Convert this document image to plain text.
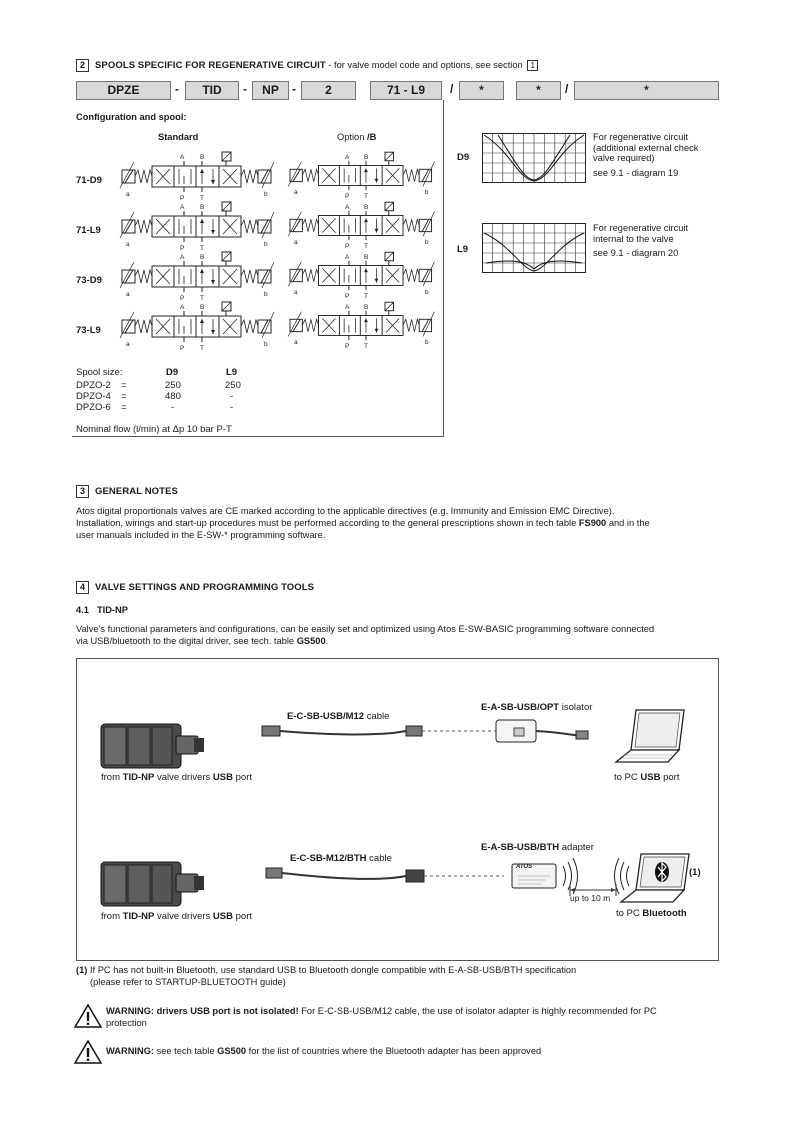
2 SPOOLS SPECIFIC FOR REGENERATIVE CIRCUIT - for valve model code and options, see section 1
DPZE	-	TID	-	NP	-	2	71 - L9	/	*	*	/	*
Configuration and spool:
Standard	Option /B
71-D9
71-L9
73-D9
73-L9
A B
P T
a	b
A B
P T
a	b
A B
P T
a	b
A B
P T
a	b
A B
P T
a	b
A B
P T
a	b
A B
P T
a	b
A B
P T
a	b
Spool size:	D9	L9
DPZO-2 =	250	250
DPZO-4 =	480	-
DPZO-6 =	-	-
Nominal flow (l/min) at Δp 10 bar P-T
D9
For regenerative circuit
(additional external check
valve required)
see 9.1 - diagram 19
L9
For regenerative circuit
internal to the valve
see 9.1 - diagram 20
3 GENERAL NOTES
Atos digital proportionals valves are CE marked according to the applicable directives (e.g. Immunity and Emission EMC Directive).
Installation, wirings and start-up procedures must be performed according to the general prescriptions shown in tech table FS900 and in the
user manuals included in the E-SW-* programming software.
4 VALVE SETTINGS AND PROGRAMMING TOOLS
4.1 TID-NP
Valve's functional parameters and configurations, can be easily set and optimized using Atos E-SW-BASIC programming software connected
via USB/bluetooth to the digital driver, see tech. table GS500.
E-C-SB-USB/M12 cable
E-A-SB-USB/OPT isolator
from TID-NP valve drivers USB port	to PC USB port
E-C-SB-M12/BTH cable
E-A-SB-USB/BTH adapter
ATOS
up to 10 m
(1)
from TID-NP valve drivers USB port	to PC Bluetooth
(1) If PC has not built-in Bluetooth, use standard USB to Bluetooth dongle compatible with E-A-SB-USB/BTH specification
(please refer to STARTUP-BLUETOOTH guide)
WARNING: drivers USB port is not isolated! For E-C-SB-USB/M12 cable, the use of isolator adapter is highly recommended for PC
protection
WARNING: see tech table GS500 for the list of countries where the Bluetooth adapter has been approved
